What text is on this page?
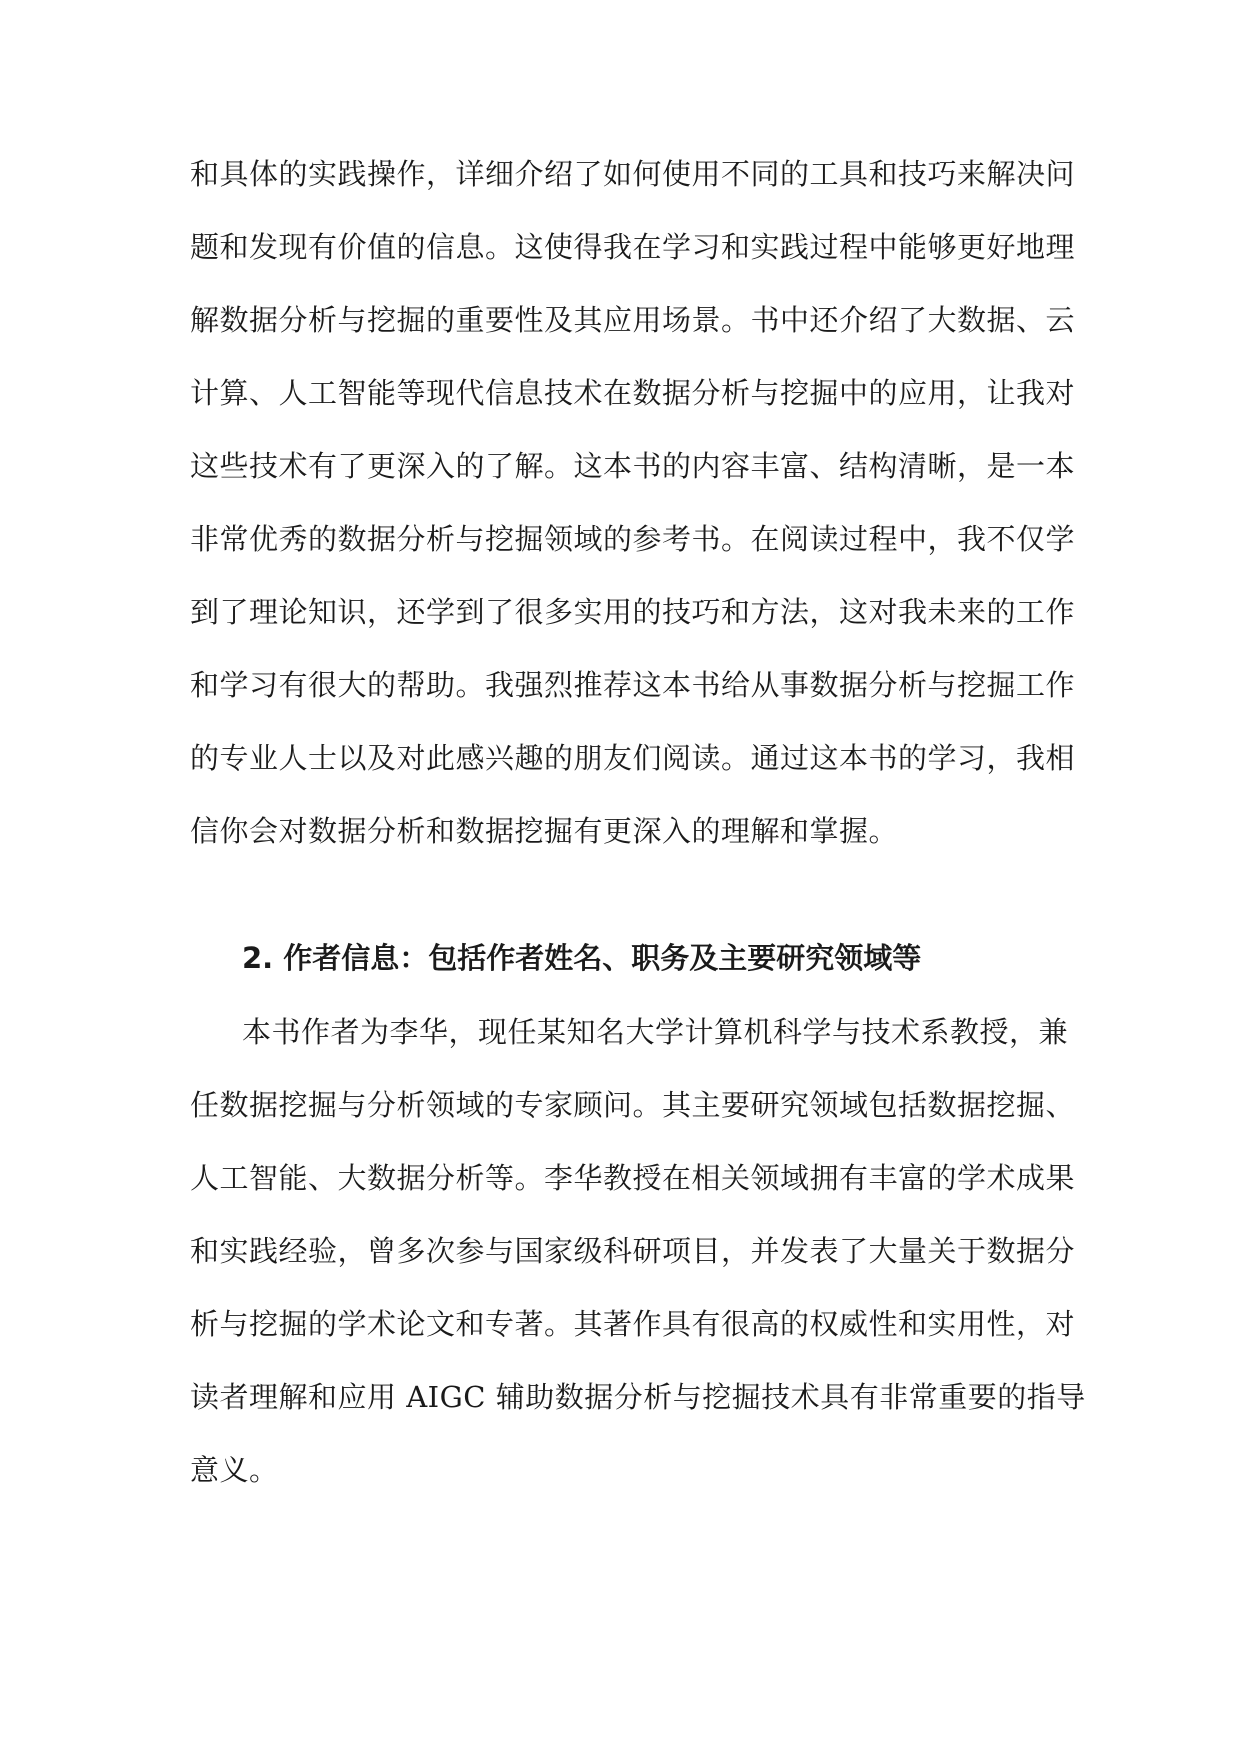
和具体的实践操作，详细介绍了如何使用不同的工具和技巧来解决问
题和发现有价值的信息。这使得我在学习和实践过程中能够更好地理
解数据分析与挖掘的重要性及其应用场景。书中还介绍了大数据、云
计算、人工智能等现代信息技术在数据分析与挖掘中的应用，让我对
这些技术有了更深入的了解。这本书的内容丰富、结构清晰，是一本
非常优秀的数据分析与挖掘领域的参考书。在阅读过程中，我不仅学
到了理论知识，还学到了很多实用的技巧和方法，这对我未来的工作
和学习有很大的帮助。我强烈推荐这本书给从事数据分析与挖掘工作
的专业人士以及对此感兴趣的朋友们阅读。通过这本书的学习，我相
信你会对数据分析和数据挖掘有更深入的理解和掌握。
2. 作者信息：包括作者姓名、职务及主要研究领域等
本书作者为李华，现任某知名大学计算机科学与技术系教授，兼
任数据挖掘与分析领域的专家顾问。其主要研究领域包括数据挖掘、
人工智能、大数据分析等。李华教授在相关领域拥有丰富的学术成果
和实践经验，曾多次参与国家级科研项目，并发表了大量关于数据分
析与挖掘的学术论文和专著。其著作具有很高的权威性和实用性，对
读者理解和应用 AIGC 辅助数据分析与挖掘技术具有非常重要的指导
意义。
